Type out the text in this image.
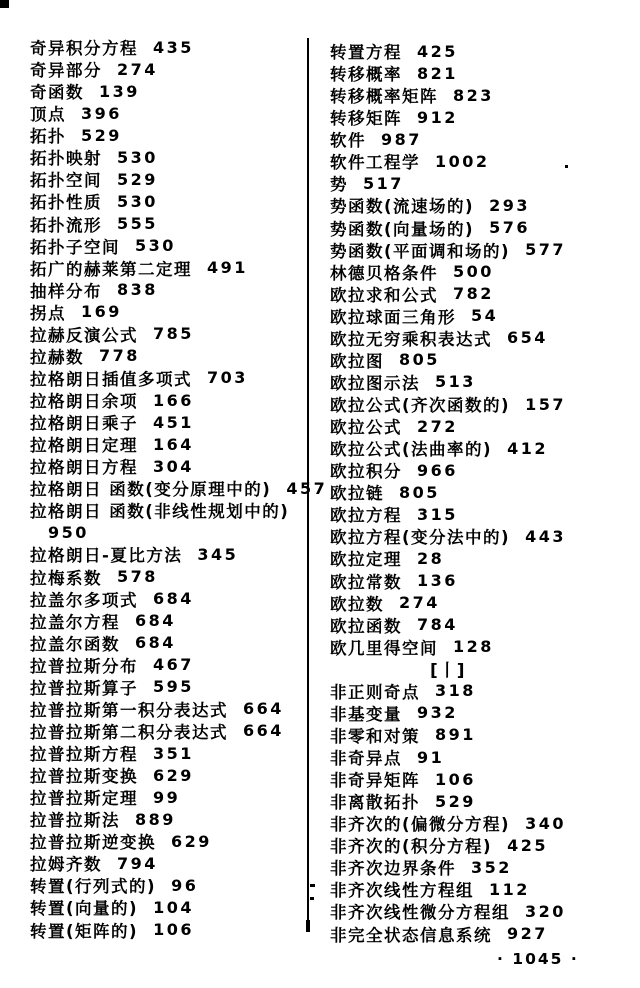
奇异积分方程 435
奇异部分 274
奇函数 139
顶点 396
拓扑 529
拓扑映射 530
拓扑空间 529
拓扑性质 530
拓扑流形 555
拓扑子空间 530
拓广的赫莱第二定理 491
抽样分布 838
拐点 169
拉赫反演公式 785
拉赫数 778
拉格朗日插值多项式 703
拉格朗日余项 166
拉格朗日乘子 451
拉格朗日定理 164
拉格朗日方程 304
拉格朗日 函数(变分原理中的) 457
拉格朗日 函数(非线性规划中的)
950
拉格朗日-夏比方法 345
拉梅系数 578
拉盖尔多项式 684
拉盖尔方程 684
拉盖尔函数 684
拉普拉斯分布 467
拉普拉斯算子 595
拉普拉斯第一积分表达式 664
拉普拉斯第二积分表达式 664
拉普拉斯方程 351
拉普拉斯变换 629
拉普拉斯定理 99
拉普拉斯法 889
拉普拉斯逆变换 629
拉姆齐数 794
转置(行列式的) 96
转置(向量的) 104
转置(矩阵的) 106
转置方程 425
转移概率 821
转移概率矩阵 823
转移矩阵 912
软件 987
软件工程学 1002
势 517
势函数(流速场的) 293
势函数(向量场的) 576
势函数(平面调和场的) 577
林德贝格条件 500
欧拉求和公式 782
欧拉球面三角形 54
欧拉无穷乘积表达式 654
欧拉图 805
欧拉图示法 513
欧拉公式(齐次函数的) 157
欧拉公式 272
欧拉公式(法曲率的) 412
欧拉积分 966
欧拉链 805
欧拉方程 315
欧拉方程(变分法中的) 443
欧拉定理 28
欧拉常数 136
欧拉数 274
欧拉函数 784
欧几里得空间 128
[丨]
非正则奇点 318
非基变量 932
非零和对策 891
非奇异点 91
非奇异矩阵 106
非离散拓扑 529
非齐次的(偏微分方程) 340
非齐次的(积分方程) 425
非齐次边界条件 352
非齐次线性方程组 112
非齐次线性微分方程组 320
非完全状态信息系统 927
· 1045 ·
